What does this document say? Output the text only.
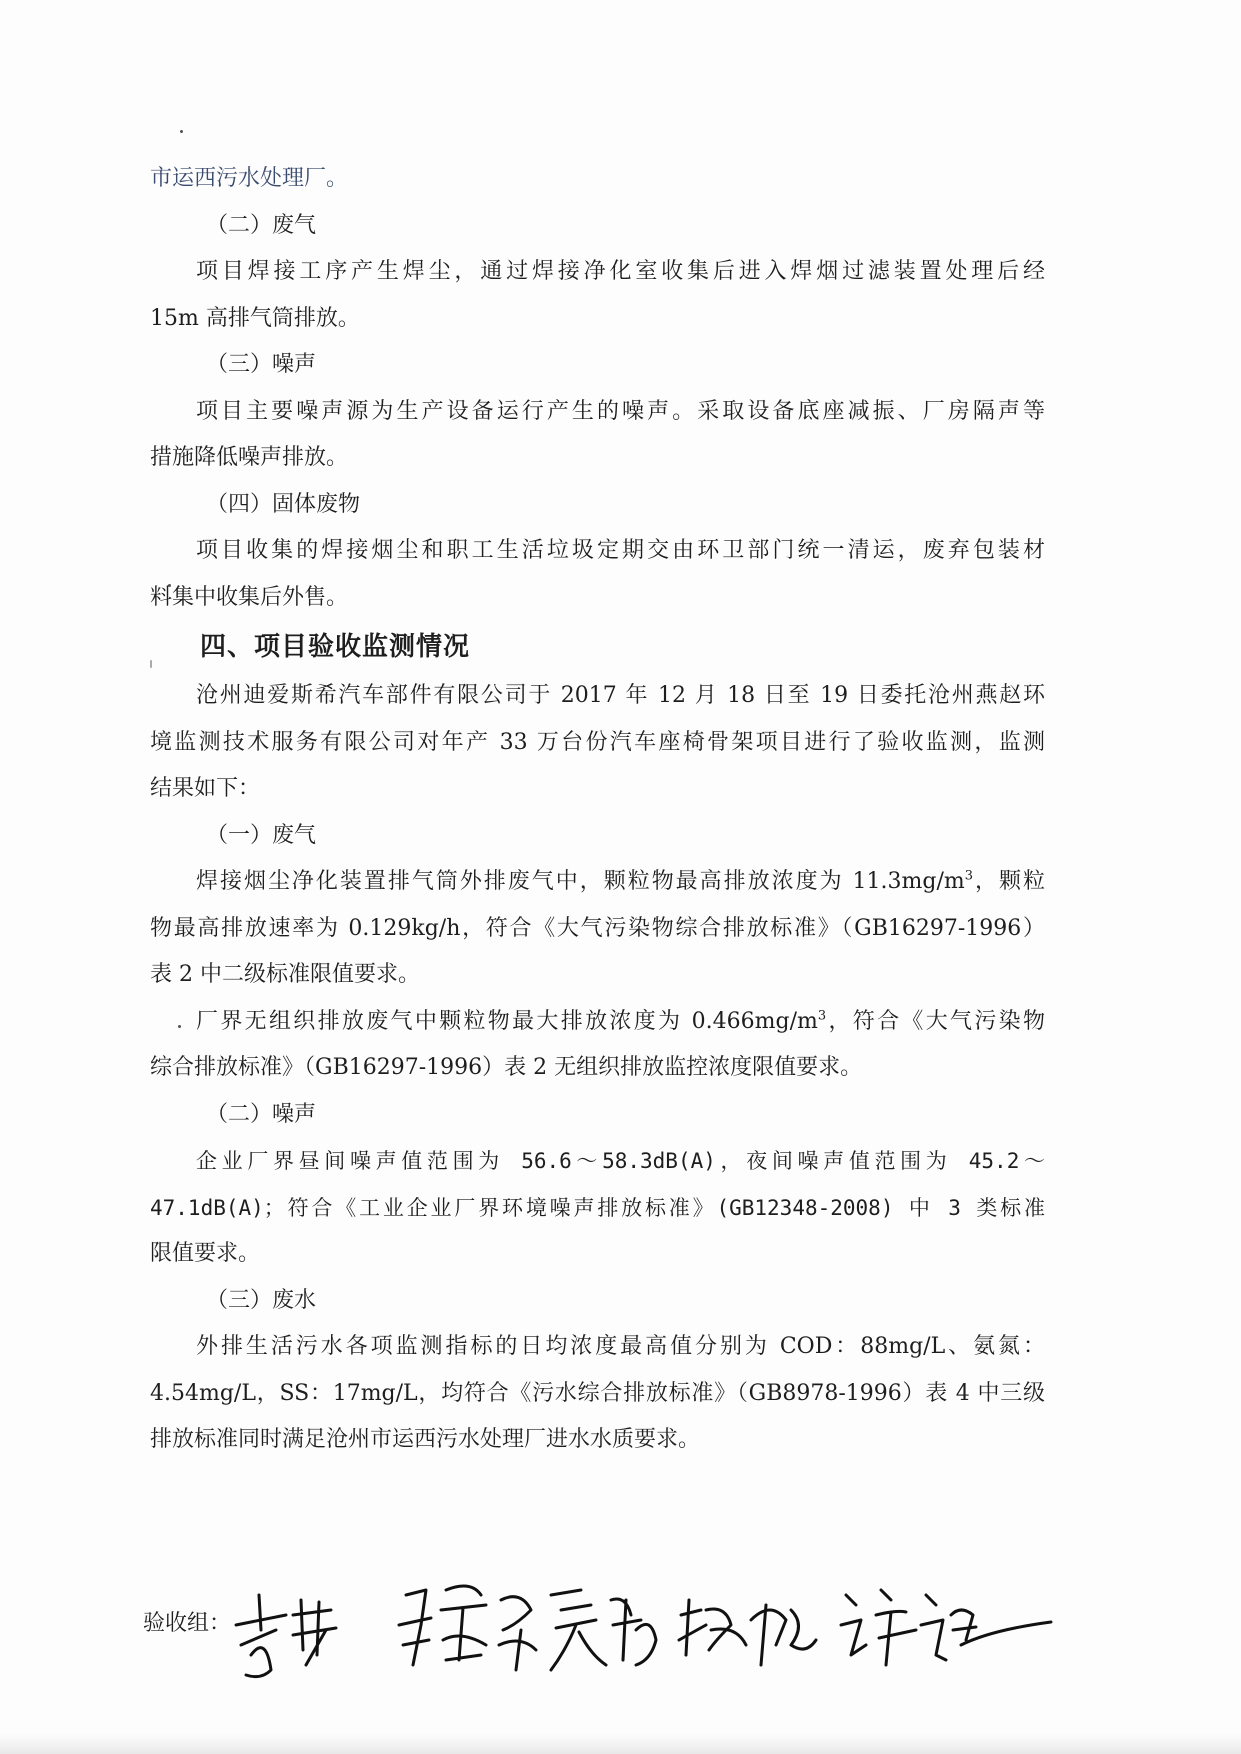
市运西污水处理厂。
（二）废气
项目焊接工序产生焊尘，通过焊接净化室收集后进入焊烟过滤装置处理后经
15m 高排气筒排放。
（三）噪声
项目主要噪声源为生产设备运行产生的噪声。采取设备底座减振、厂房隔声等
措施降低噪声排放。
（四）固体废物
项目收集的焊接烟尘和职工生活垃圾定期交由环卫部门统一清运，废弃包装材
料集中收集后外售。
四、项目验收监测情况
沧州迪爱斯希汽车部件有限公司于 2017 年 12 月 18 日至 19 日委托沧州燕赵环
境监测技术服务有限公司对年产 33 万台份汽车座椅骨架项目进行了验收监测，监测
结果如下：
（一）废气
焊接烟尘净化装置排气筒外排废气中，颗粒物最高排放浓度为 $11.3mg/m^3$，颗粒
物最高排放速率为 0.129kg/h，符合《大气污染物综合排放标准》（GB16297-1996）
表 2 中二级标准限值要求。
厂界无组织排放废气中颗粒物最大排放浓度为 $0.466mg/m^3$，符合《大气污染物
综合排放标准》（GB16297-1996）表 2 无组织排放监控浓度限值要求。
（二）噪声
企业厂界昼间噪声值范围为 56.6～58.3dB(A)，夜间噪声值范围为 45.2～
47.1dB(A)；符合《工业企业厂界环境噪声排放标准》(GB12348-2008) 中 3 类标准
限值要求。
（三）废水
外排生活污水各项监测指标的日均浓度最高值分别为 COD：88mg/L、氨氮：
4.54mg/L，SS：17mg/L，均符合《污水综合排放标准》（GB8978-1996）表 4 中三级
排放标准同时满足沧州市运西污水处理厂进水水质要求。
验收组：
